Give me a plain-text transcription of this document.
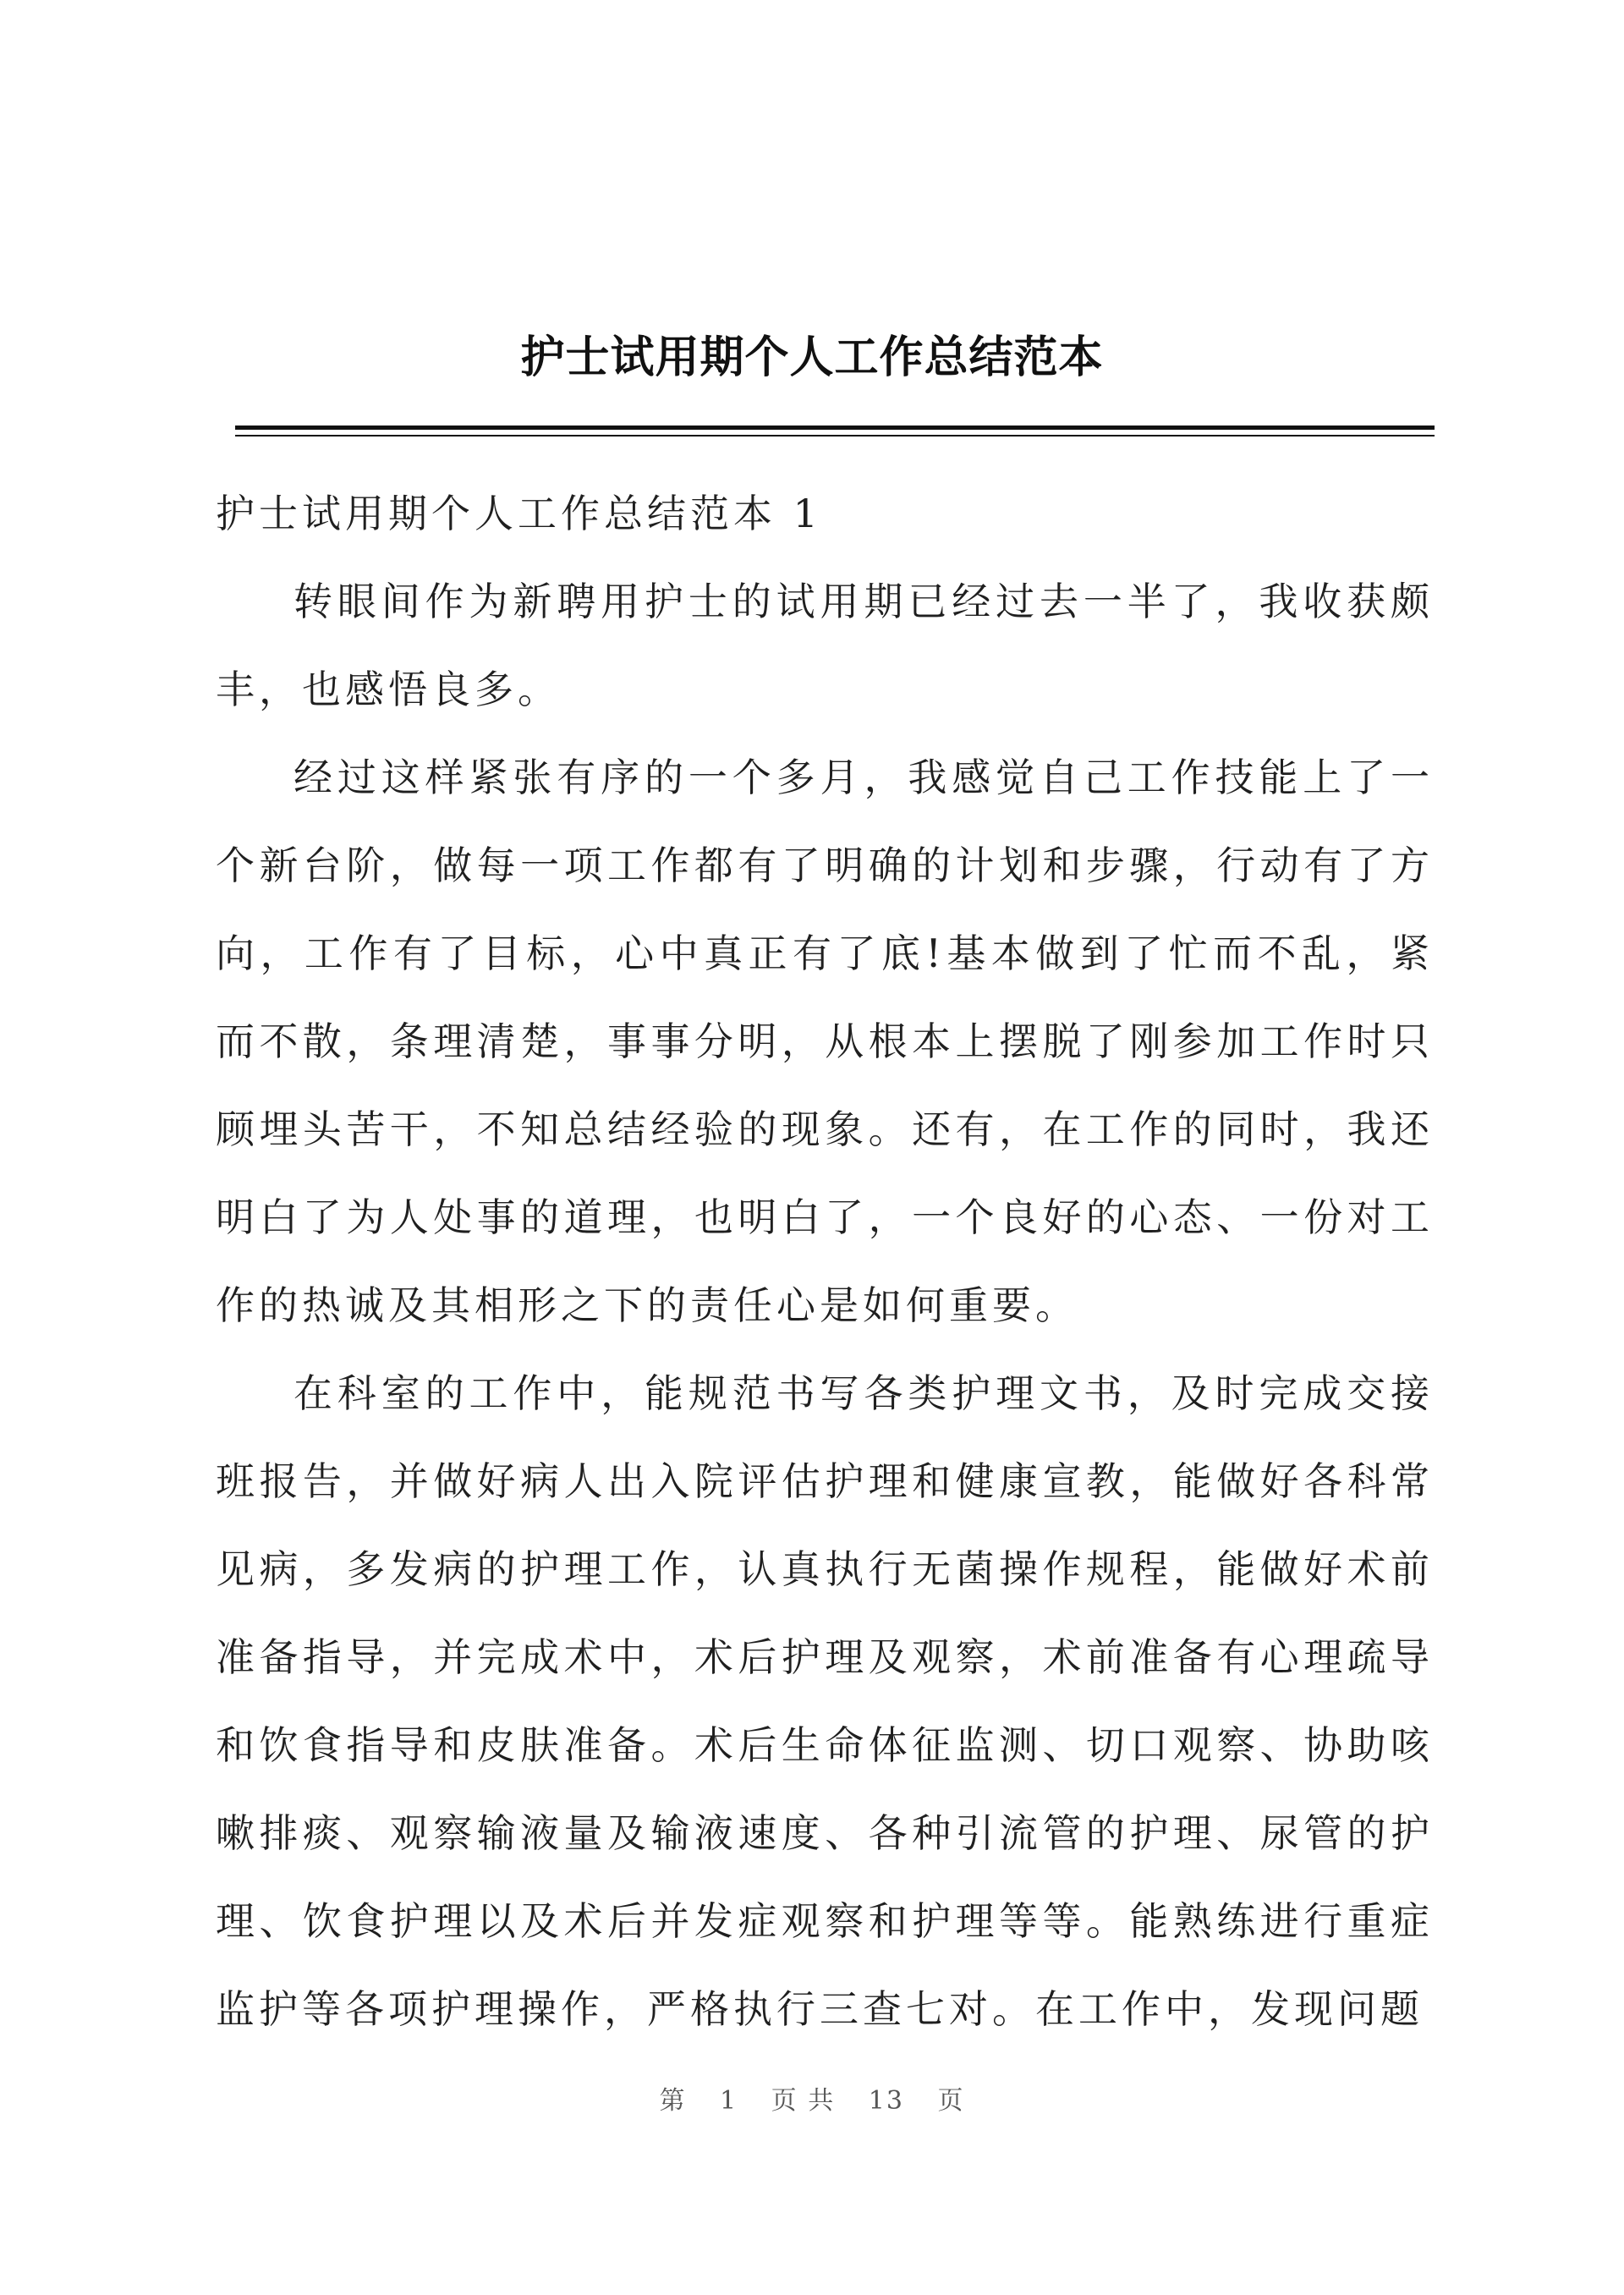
护士试用期个人工作总结范本

护士试用期个人工作总结范本 1

转眼间作为新聘用护士的试用期已经过去一半了，我收获颇丰，也感悟良多。

经过这样紧张有序的一个多月，我感觉自己工作技能上了一个新台阶，做每一项工作都有了明确的计划和步骤，行动有了方向，工作有了目标，心中真正有了底!基本做到了忙而不乱，紧而不散，条理清楚，事事分明，从根本上摆脱了刚参加工作时只顾埋头苦干，不知总结经验的现象。还有，在工作的同时，我还明白了为人处事的道理，也明白了，一个良好的心态、一份对工作的热诚及其相形之下的责任心是如何重要。

在科室的工作中，能规范书写各类护理文书，及时完成交接班报告，并做好病人出入院评估护理和健康宣教，能做好各科常见病，多发病的护理工作，认真执行无菌操作规程，能做好术前准备指导，并完成术中，术后护理及观察，术前准备有心理疏导和饮食指导和皮肤准备。术后生命体征监测、切口观察、协助咳嗽排痰、观察输液量及输液速度、各种引流管的护理、尿管的护理、饮食护理以及术后并发症观察和护理等等。能熟练进行重症监护等各项护理操作，严格执行三查七对。在工作中，发现问题

第 1 页 共 13 页
